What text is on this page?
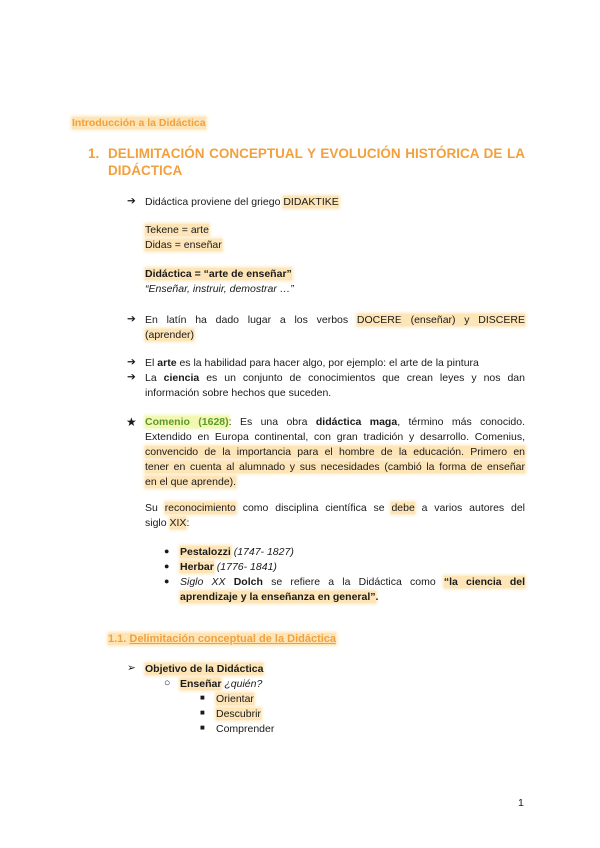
Introducción a la Didáctica
1. DELIMITACIÓN CONCEPTUAL Y EVOLUCIÓN HISTÓRICA DE LA
DIDÁCTICA
➔ Didáctica proviene del griego DIDAKTIKE
Tekene = arte
Didas = enseñar
Didáctica = “arte de enseñar”
“Enseñar, instruir, demostrar …”
➔ En latín ha dado lugar a los verbos DOCERE (enseñar) y DISCERE
(aprender)
➔ El arte es la habilidad para hacer algo, por ejemplo: el arte de la pintura
➔ La ciencia es un conjunto de conocimientos que crean leyes y nos dan
información sobre hechos que suceden.
★ Comenio (1628): Es una obra didáctica maga, término más conocido.
Extendido en Europa continental, con gran tradición y desarrollo. Comenius,
convencido de la importancia para el hombre de la educación. Primero en
tener en cuenta al alumnado y sus necesidades (cambió la forma de enseñar
en el que aprende).
Su reconocimiento como disciplina científica se debe a varios autores del
siglo XIX:
● Pestalozzi (1747- 1827)
● Herbar (1776- 1841)
● Siglo XX Dolch se refiere a la Didáctica como “la ciencia del
aprendizaje y la enseñanza en general”.
1.1. Delimitación conceptual de la Didáctica
➢ Objetivo de la Didáctica
○ Enseñar ¿quién?
■ Orientar
■ Descubrir
■ Comprender
1
